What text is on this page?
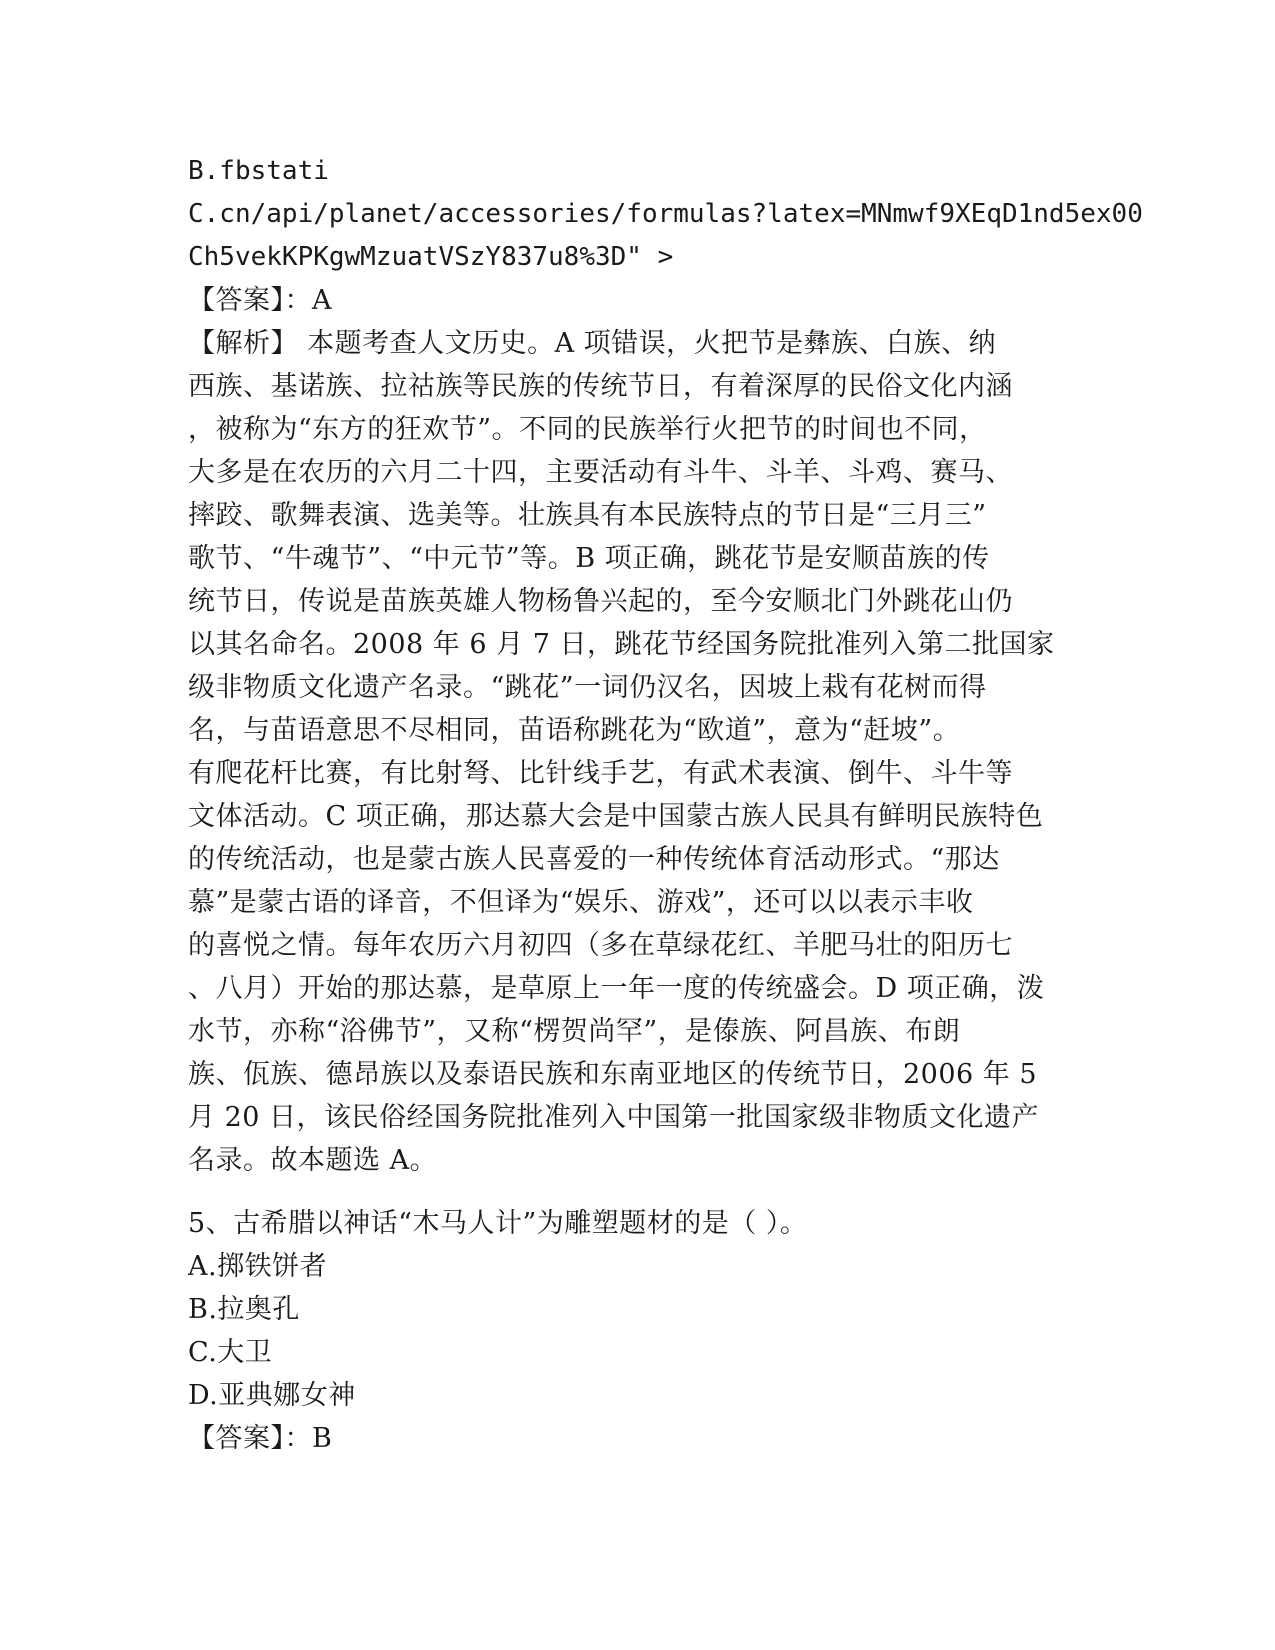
B.fbstati
C.cn/api/planet/accessories/formulas?latex=MNmwf9XEqD1nd5ex00
Ch5vekKPKgwMzuatVSzY837u8%3D" >
【答案】：A
【解析】 本题考查人文历史。A 项错误，火把节是彝族、白族、纳
西族、基诺族、拉祜族等民族的传统节日，有着深厚的民俗文化内涵
，被称为“东方的狂欢节”。不同的民族举行火把节的时间也不同，
大多是在农历的六月二十四，主要活动有斗牛、斗羊、斗鸡、赛马、
摔跤、歌舞表演、选美等。壮族具有本民族特点的节日是“三月三”
歌节、“牛魂节”、“中元节”等。B 项正确，跳花节是安顺苗族的传
统节日，传说是苗族英雄人物杨鲁兴起的，至今安顺北门外跳花山仍
以其名命名。2008 年 6 月 7 日，跳花节经国务院批准列入第二批国家
级非物质文化遗产名录。“跳花”一词仍汉名，因坡上栽有花树而得
名，与苗语意思不尽相同，苗语称跳花为“欧道”，意为“赶坡”。
有爬花杆比赛，有比射弩、比针线手艺，有武术表演、倒牛、斗牛等
文体活动。C 项正确，那达慕大会是中国蒙古族人民具有鲜明民族特色
的传统活动，也是蒙古族人民喜爱的一种传统体育活动形式。“那达
慕”是蒙古语的译音，不但译为“娱乐、游戏”，还可以以表示丰收
的喜悦之情。每年农历六月初四（多在草绿花红、羊肥马壮的阳历七
、八月）开始的那达慕，是草原上一年一度的传统盛会。D 项正确，泼
水节，亦称“浴佛节”，又称“楞贺尚罕”，是傣族、阿昌族、布朗
族、佤族、德昂族以及泰语民族和东南亚地区的传统节日，2006 年 5
月 20 日，该民俗经国务院批准列入中国第一批国家级非物质文化遗产
名录。故本题选 A。
5、古希腊以神话“木马人计”为雕塑题材的是（ ）。
A.掷铁饼者
B.拉奥孔
C.大卫
D.亚典娜女神
【答案】：B
